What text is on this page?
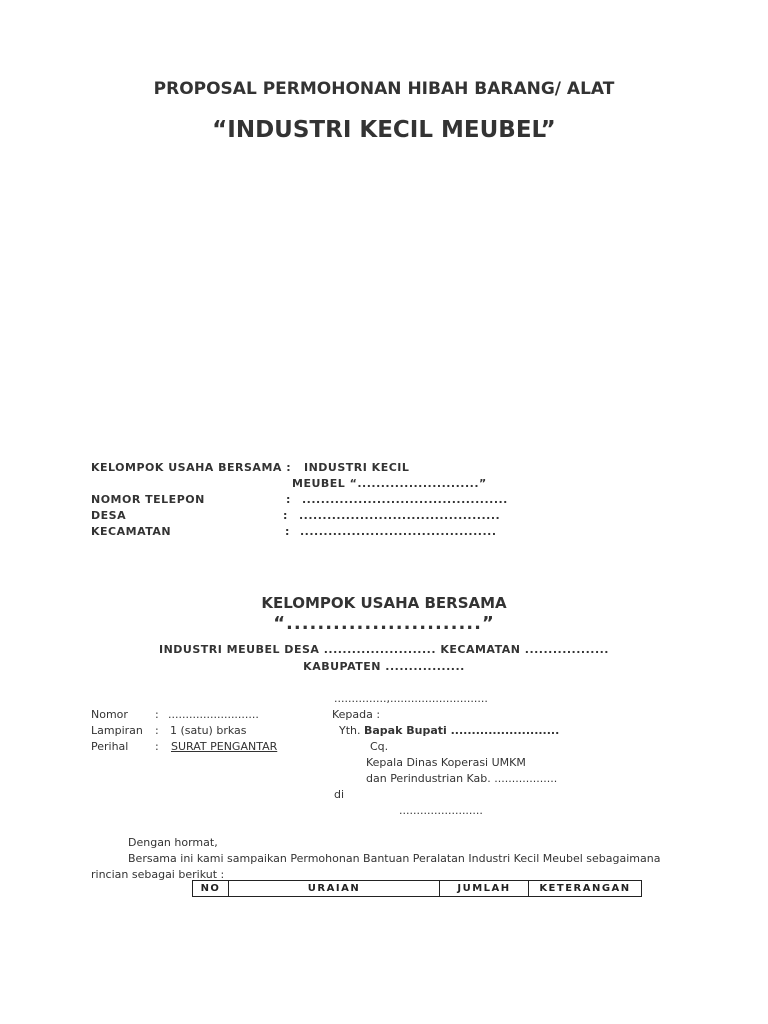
PROPOSAL PERMOHONAN HIBAH BARANG/ ALAT
“INDUSTRI KECIL MEUBEL”
KELOMPOK USAHA BERSAMA : INDUSTRI KECIL
MEUBEL “..........................”
NOMOR TELEPON	: ............................................
DESA	: ...........................................
KECAMATAN	: ..........................................
KELOMPOK USAHA BERSAMA
“.........................”
INDUSTRI MEUBEL DESA ........................ KECAMATAN ..................
KABUPATEN .................
...............,............................
Nomor : ..........................	Kepada :
Lampiran : 1 (satu) brkas	Yth. Bapak Bupati ..........................
Perihal : SURAT PENGANTAR	Cq.
Kepala Dinas Koperasi UMKM
dan Perindustrian Kab. ..................
di
........................
Dengan hormat,
Bersama ini kami sampaikan Permohonan Bantuan Peralatan Industri Kecil Meubel sebagaimana
rincian sebagai berikut :
NO	URAIAN	JUMLAH	KETERANGAN
